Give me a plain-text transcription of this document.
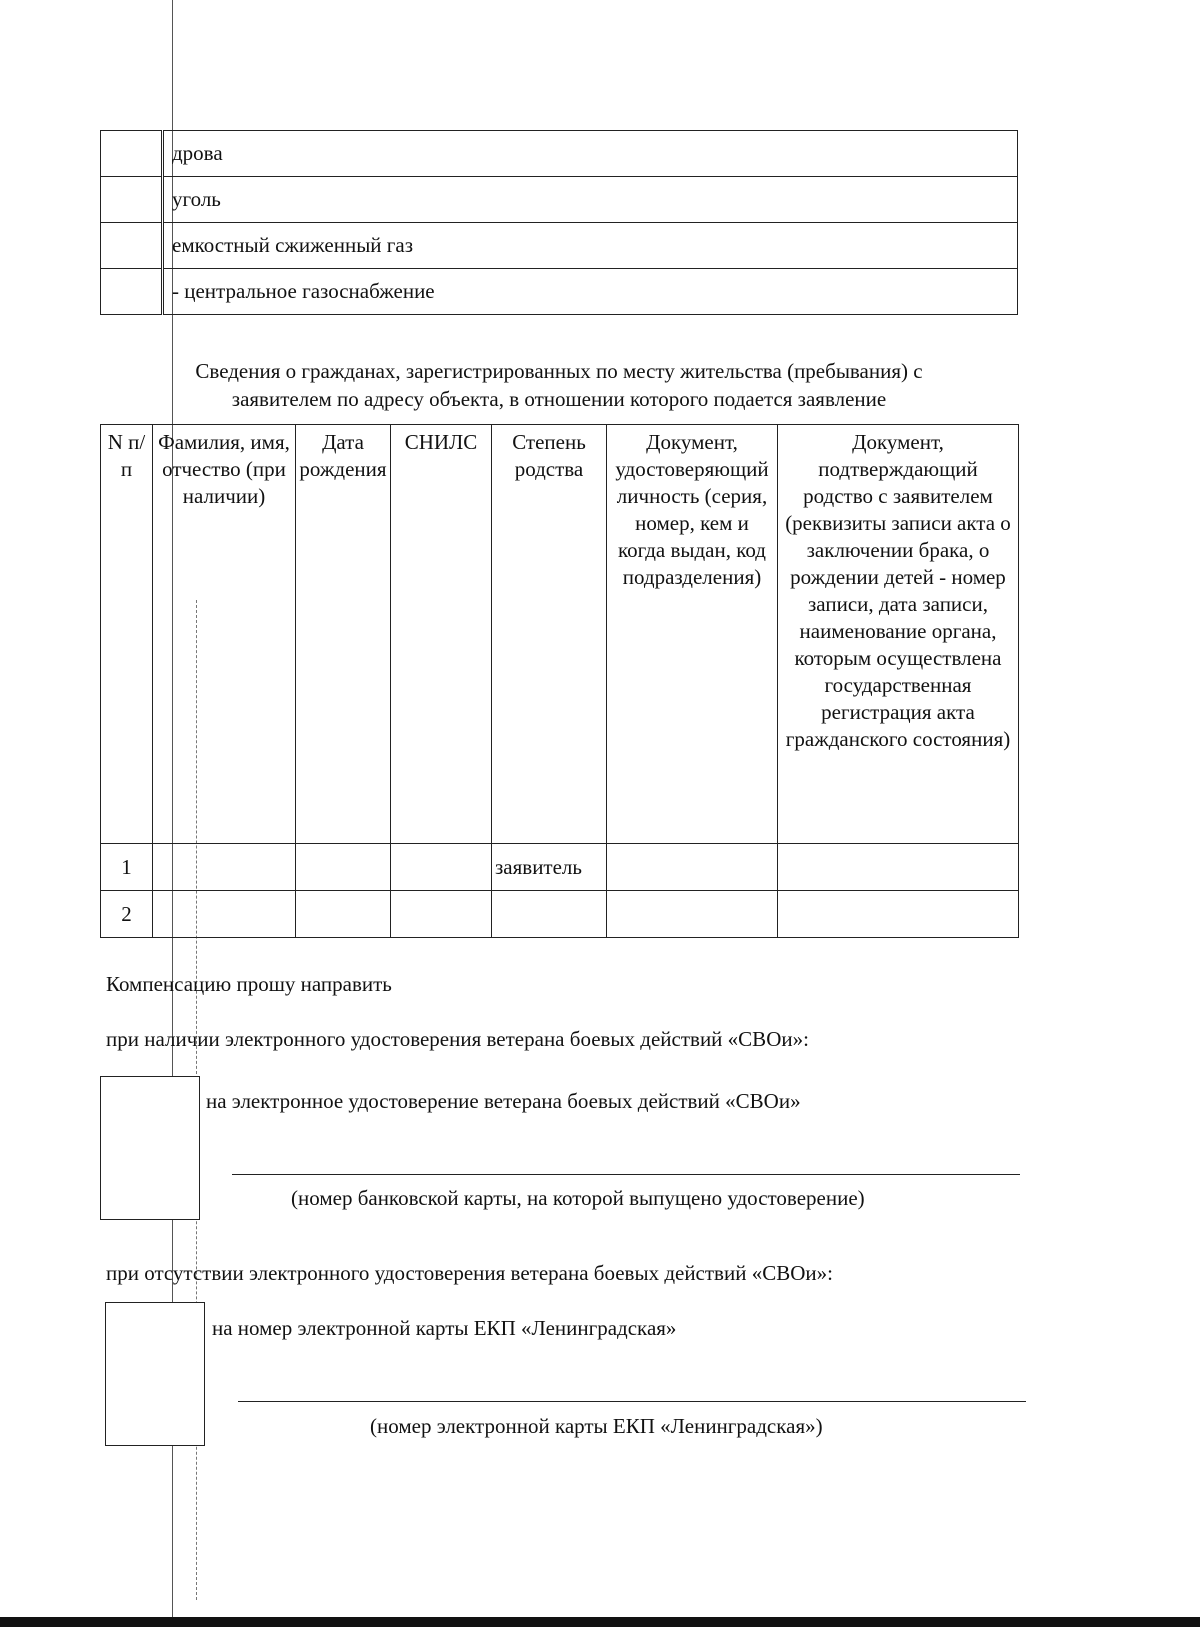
	дрова
	уголь
	емкостный сжиженный газ
	- центральное газоснабжение
Сведения о гражданах, зарегистрированных по месту жительства (пребывания) с
заявителем по адресу объекта, в отношении которого подается заявление
N п/п	Фамилия, имя, отчество (при наличии)	Дата рождения	СНИЛС	Степень родства	Документ, удостоверяющий личность (серия, номер, кем и когда выдан, код подразделения)	Документ, подтверждающий родство с заявителем (реквизиты записи акта о заключении брака, о рождении детей - номер записи, дата записи, наименование органа, которым осуществлена государственная регистрация акта гражданского состояния)
1				заявитель		
2						
Компенсацию прошу направить
при наличии электронного удостоверения ветерана боевых действий «СВОи»:
на электронное удостоверение ветерана боевых действий «СВОи»
(номер банковской карты, на которой выпущено удостоверение)
при отсутствии электронного удостоверения ветерана боевых действий «СВОи»:
на номер электронной карты ЕКП «Ленинградская»
(номер электронной карты ЕКП «Ленинградская»)
